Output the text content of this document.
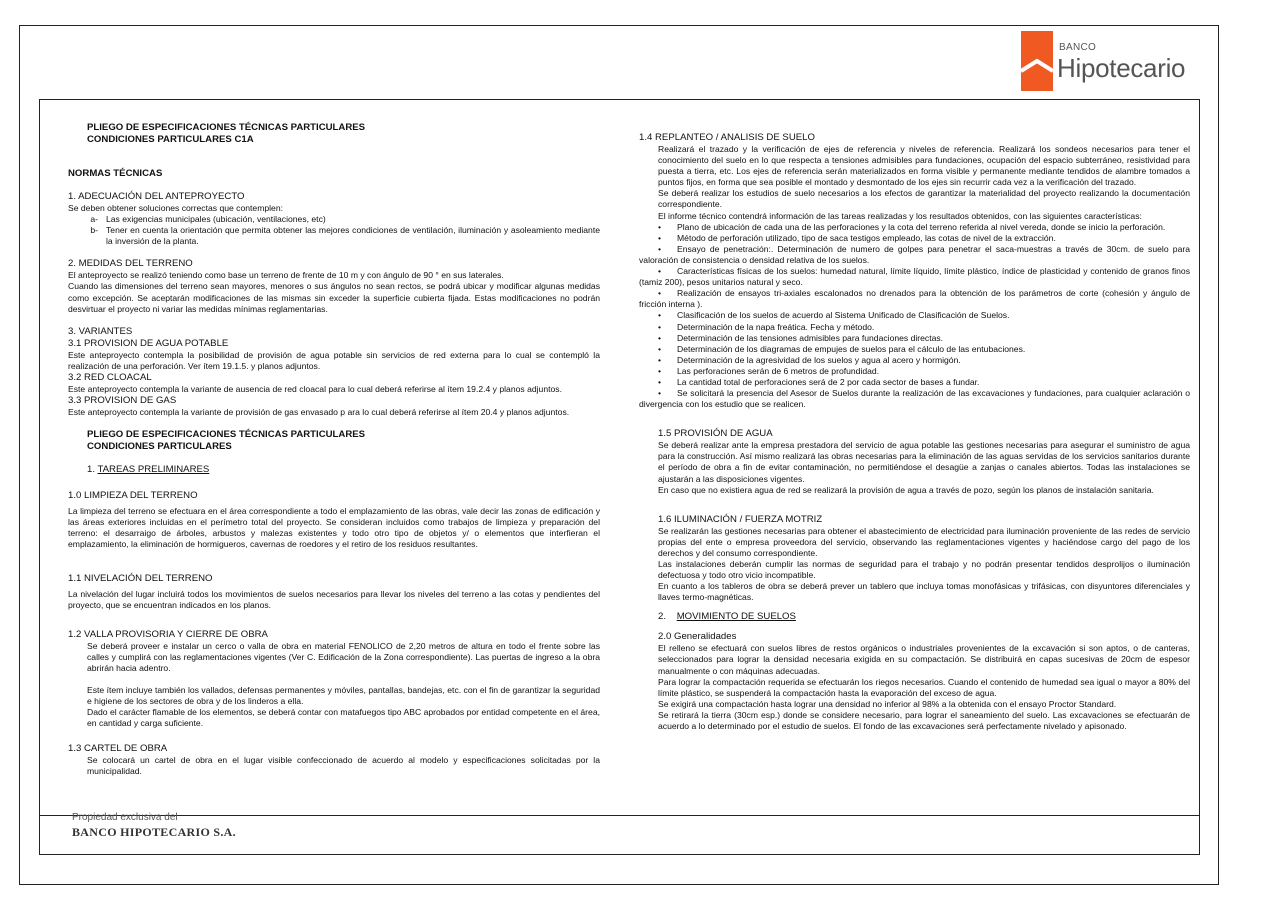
BANCO
Hipotecario

PLIEGO DE ESPECIFICACIONES TÉCNICAS PARTICULARES

CONDICIONES PARTICULARES C1A

NORMAS TÉCNICAS

1. ADECUACIÓN DEL ANTEPROYECTO

Se deben obtener soluciones correctas que contemplen:

a- Las exigencias municipales (ubicación, ventilaciones, etc)
b- Tener en cuenta la orientación que permita obtener las mejores condiciones de ventilación, iluminación y asoleamiento mediante la inversión de la planta.

2. MEDIDAS DEL TERRENO

El anteproyecto se realizó teniendo como base un terreno de frente de 10 m y con ángulo de 90 ° en sus laterales.

Cuando las dimensiones del terreno sean mayores, menores o sus ángulos no sean rectos, se podrá ubicar y modificar algunas medidas como excepción. Se aceptarán modificaciones de las mismas sin exceder la superficie cubierta fijada. Estas modificaciones no podrán desvirtuar el proyecto ni variar las medidas mínimas reglamentarias.

3. VARIANTES

3.1 PROVISION DE AGUA POTABLE

Este anteproyecto contempla la posibilidad de provisión de agua potable sin servicios de red externa para lo cual se contempló la realización de una perforación. Ver ítem 19.1.5. y planos adjuntos.

3.2 RED CLOACAL

Este anteproyecto contempla la variante de ausencia de red cloacal para lo cual deberá referirse al ítem 19.2.4 y planos adjuntos.

3.3 PROVISION DE GAS

Este anteproyecto contempla la variante de provisión de gas envasado p ara lo cual deberá referirse al ítem 20.4 y planos adjuntos.

PLIEGO DE ESPECIFICACIONES TÉCNICAS PARTICULARES

CONDICIONES PARTICULARES

1. TAREAS PRELIMINARES

1.0 LIMPIEZA DEL TERRENO

La limpieza del terreno se efectuara en el área correspondiente a todo el emplazamiento de las obras, vale decir las zonas de edificación y las áreas exteriores incluidas en el perímetro total del proyecto. Se consideran incluidos como trabajos de limpieza y preparación del terreno: el desarraigo de árboles, arbustos y malezas existentes y todo otro tipo de objetos y/ o elementos que interfieran el emplazamiento, la eliminación de hormigueros, cavernas de roedores y el retiro de los residuos resultantes.

1.1 NIVELACIÓN DEL TERRENO

La nivelación del lugar incluirá todos los movimientos de suelos necesarios para llevar los niveles del terreno a las cotas y pendientes del proyecto, que se encuentran indicados en los planos.

1.2 VALLA PROVISORIA Y CIERRE DE OBRA

Se deberá proveer e instalar un cerco o valla de obra en material FENOLICO de 2,20 metros de altura en todo el frente sobre las calles y cumplirá con las reglamentaciones vigentes (Ver C. Edificación de la Zona correspondiente). Las puertas de ingreso a la obra abrirán hacia adentro.

Este ítem incluye también los vallados, defensas permanentes y móviles, pantallas, bandejas, etc. con el fin de garantizar la seguridad e higiene de los sectores de obra y de los linderos a ella.

Dado el carácter flamable de los elementos, se deberá contar con matafuegos tipo ABC aprobados por entidad competente en el área, en cantidad y carga suficiente.

1.3 CARTEL DE OBRA

Se colocará un cartel de obra en el lugar visible confeccionado de acuerdo al modelo y especificaciones solicitadas por la municipalidad.

1.4 REPLANTEO / ANALISIS DE SUELO

Realizará el trazado y la verificación de ejes de referencia y niveles de referencia. Realizará los sondeos necesarios para tener el conocimiento del suelo en lo que respecta a tensiones admisibles para fundaciones, ocupación del espacio subterráneo, resistividad para puesta a tierra, etc. Los ejes de referencia serán materializados en forma visible y permanente mediante tendidos de alambre tomados a puntos fijos, en forma que sea posible el montado y desmontado de los ejes sin recurrir cada vez a la verificación del trazado.

Se deberá realizar los estudios de suelo necesarios a los efectos de garantizar la materialidad del proyecto realizando la documentación correspondiente.

El informe técnico contendrá información de las tareas realizadas y los resultados obtenidos, con las siguientes características:

• Plano de ubicación de cada una de las perforaciones y la cota del terreno referida al nivel vereda, donde se inicio la perforación.

• Método de perforación utilizado, tipo de saca testigos empleado, las cotas de nivel de la extracción.

• Ensayo de penetración:. Determinación de numero de golpes para penetrar el saca-muestras a través de 30cm. de suelo para valoración de consistencia o densidad relativa de los suelos.

• Características físicas de los suelos: humedad natural, límite líquido, límite plástico, índice de plasticidad y contenido de granos finos (tamiz 200), pesos unitarios natural y seco.

• Realización de ensayos tri-axiales escalonados no drenados para la obtención de los parámetros de corte (cohesión y ángulo de fricción interna ).

• Clasificación de los suelos de acuerdo al Sistema Unificado de Clasificación de Suelos.

• Determinación de la napa freática. Fecha y método.

• Determinación de las tensiones admisibles para fundaciones directas.

• Determinación de los diagramas de empujes de suelos para el cálculo de las entubaciones.

• Determinación de la agresividad de los suelos y agua al acero y hormigón.

• Las perforaciones serán de 6 metros de profundidad.

• La cantidad total de perforaciones será de 2 por cada sector de bases a fundar.

• Se solicitará la presencia del Asesor de Suelos durante la realización de las excavaciones y fundaciones, para cualquier aclaración o divergencia con los estudio que se realicen.

1.5 PROVISIÓN DE AGUA

Se deberá realizar ante la empresa prestadora del servicio de agua potable las gestiones necesarias para asegurar el suministro de agua para la construcción. Así mismo realizará las obras necesarias para la eliminación de las aguas servidas de los servicios sanitarios durante el período de obra a fin de evitar contaminación, no permitiéndose el desagüe a zanjas o canales abiertos. Todas las instalaciones se ajustarán a las disposiciones vigentes.

En caso que no existiera agua de red se realizará la provisión de agua a través de pozo, según los planos de instalación sanitaria.

1.6 ILUMINACIÓN / FUERZA MOTRIZ

Se realizarán las gestiones necesarias para obtener el abastecimiento de electricidad para iluminación proveniente de las redes de servicio propias del ente o empresa proveedora del servicio, observando las reglamentaciones vigentes y haciéndose cargo del pago de los derechos y del consumo correspondiente.

Las instalaciones deberán cumplir las normas de seguridad para el trabajo y no podrán presentar tendidos desprolijos o iluminación defectuosa y todo otro vicio incompatible.

En cuanto a los tableros de obra se deberá prever un tablero que incluya tomas monofásicas y trifásicas, con disyuntores diferenciales y llaves termo-magnéticas.

2. MOVIMIENTO DE SUELOS

2.0 Generalidades

El relleno se efectuará con suelos libres de restos orgánicos o industriales provenientes de la excavación si son aptos, o de canteras, seleccionados para lograr la densidad necesaria exigida en su compactación. Se distribuirá en capas sucesivas de 20cm de espesor manualmente o con máquinas adecuadas.

Para lograr la compactación requerida se efectuarán los riegos necesarios. Cuando el contenido de humedad sea igual o mayor a 80% del límite plástico, se suspenderá la compactación hasta la evaporación del exceso de agua.

Se exigirá una compactación hasta lograr una densidad no inferior al 98% a la obtenida con el ensayo Proctor Standard.

Se retirará la tierra (30cm esp.) donde se considere necesario, para lograr el saneamiento del suelo. Las excavaciones se efectuarán de acuerdo a lo determinado por el estudio de suelos. El fondo de las excavaciones será perfectamente nivelado y apisonado.

Propiedad exclusiva del
BANCO HIPOTECARIO S.A.
